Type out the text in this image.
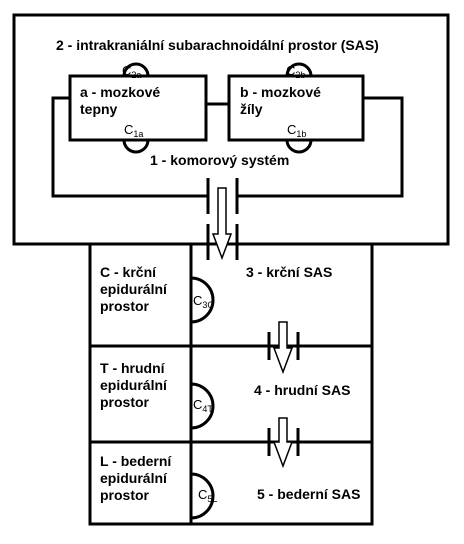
2 - intrakraniální subarachnoidální prostor (SAS)
a - mozkové
tepny
b - mozkové
žíly
1 - komorový systém
3 - krční SAS
4 - hrudní SAS
5 - bederní SAS
C - krční
epidurální
prostor
T - hrudní
epidurální
prostor
L - bederní
epidurální
prostor
$C_{2a}$	$C_{2b}$
$C_{1a}$	$C_{1b}$
$C_{3C}$
$C_{4T}$
$C_{5L}$
